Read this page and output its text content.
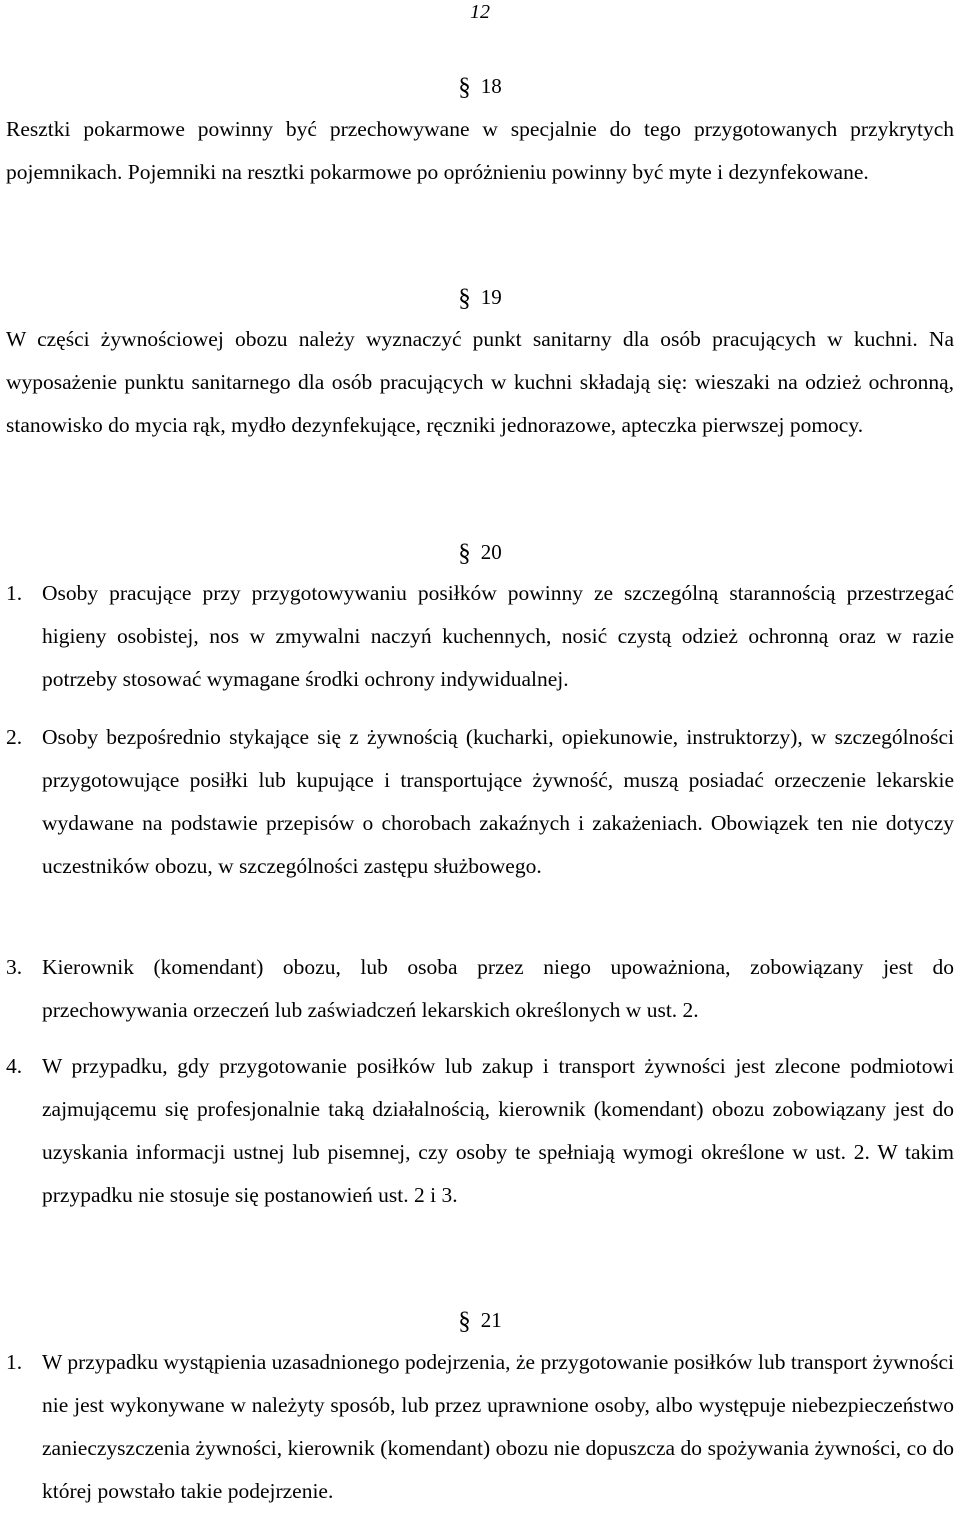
12
§ 18

Resztki pokarmowe powinny być przechowywane w specjalnie do tego przygotowanych przykrytych pojemnikach. Pojemniki na resztki pokarmowe po opróżnieniu powinny być myte i dezynfekowane.

§ 19

W części żywnościowej obozu należy wyznaczyć punkt sanitarny dla osób pracujących w kuchni. Na wyposażenie punktu sanitarnego dla osób pracujących w kuchni składają się: wieszaki na odzież ochronną, stanowisko do mycia rąk, mydło dezynfekujące, ręczniki jednorazowe, apteczka pierwszej pomocy.

§ 20
1. Osoby pracujące przy przygotowywaniu posiłków powinny ze szczególną starannością przestrzegać higieny osobistej, nos w zmywalni naczyń kuchennych, nosić czystą odzież ochronną oraz w razie potrzeby stosować wymagane środki ochrony indywidualnej.
2. Osoby bezpośrednio stykające się z żywnością (kucharki, opiekunowie, instruktorzy), w szczególności przygotowujące posiłki lub kupujące i transportujące żywność, muszą posiadać orzeczenie lekarskie wydawane na podstawie przepisów o chorobach zakaźnych i zakażeniach. Obowiązek ten nie dotyczy uczestników obozu, w szczególności zastępu służbowego.
3. Kierownik (komendant) obozu, lub osoba przez niego upoważniona, zobowiązany jest do przechowywania orzeczeń lub zaświadczeń lekarskich określonych w ust. 2.
4. W przypadku, gdy przygotowanie posiłków lub zakup i transport żywności jest zlecone podmiotowi zajmującemu się profesjonalnie taką działalnością, kierownik (komendant) obozu zobowiązany jest do uzyskania informacji ustnej lub pisemnej, czy osoby te spełniają wymogi określone w ust. 2. W takim przypadku nie stosuje się postanowień ust. 2 i 3.
§ 21
1. W przypadku wystąpienia uzasadnionego podejrzenia, że przygotowanie posiłków lub transport żywności nie jest wykonywane w należyty sposób, lub przez uprawnione osoby, albo występuje niebezpieczeństwo zanieczyszczenia żywności, kierownik (komendant) obozu nie dopuszcza do spożywania żywności, co do której powstało takie podejrzenie.
